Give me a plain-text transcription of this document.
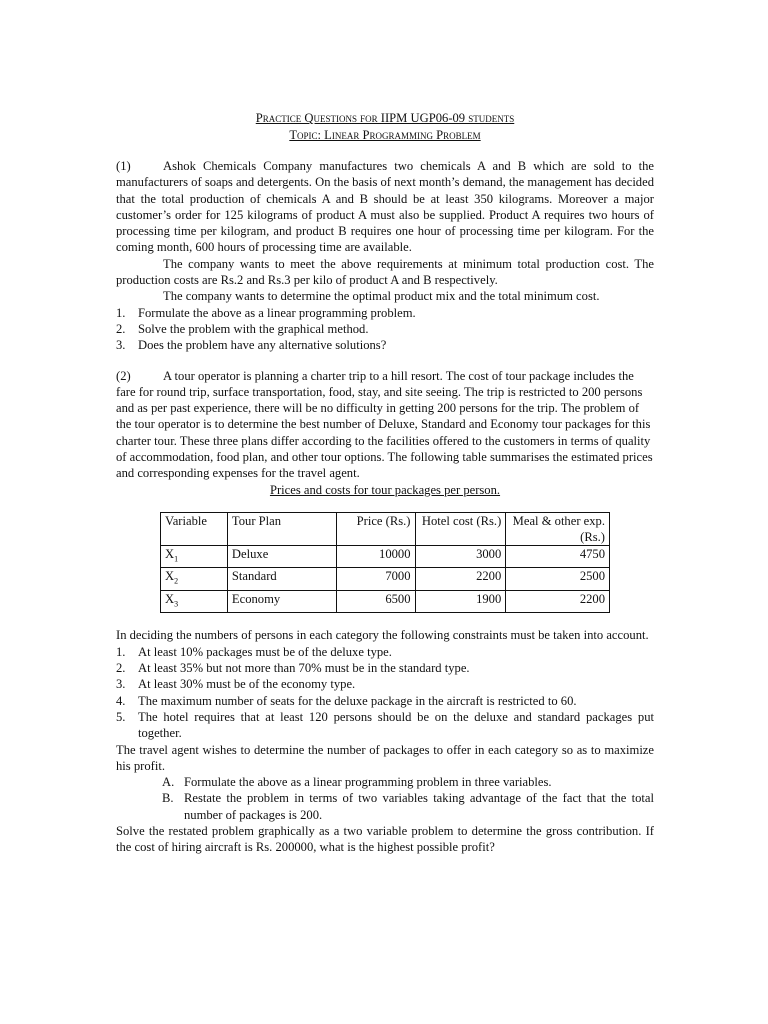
Practice Questions for IIPM UGP06-09 students
Topic: Linear Programming Problem
(1)	Ashok Chemicals Company manufactures two chemicals A and B which are sold to the manufacturers of soaps and detergents. On the basis of next month’s demand, the management has decided that the total production of chemicals A and B should be at least 350 kilograms. Moreover a major customer’s order for 125 kilograms of product A must also be supplied. Product A requires two hours of processing time per kilogram, and product B requires one hour of processing time per kilogram. For the coming month, 600 hours of processing time are available.
The company wants to meet the above requirements at minimum total production cost. The production costs are Rs.2 and Rs.3 per kilo of product A and B respectively.
The company wants to determine the optimal product mix and the total minimum cost.
1. Formulate the above as a linear programming problem.
2. Solve the problem with the graphical method.
3. Does the problem have any alternative solutions?
(2)	A tour operator is planning a charter trip to a hill resort. The cost of tour package includes the fare for round trip, surface transportation, food, stay, and site seeing. The trip is restricted to 200 persons and as per past experience, there will be no difficulty in getting 200 persons for the trip. The problem of the tour operator is to determine the best number of Deluxe, Standard and Economy tour packages for this charter tour. These three plans differ according to the facilities offered to the customers in terms of quality of accommodation, food plan, and other tour options. The following table summarises the estimated prices and corresponding expenses for the travel agent.
Prices and costs for tour packages per person.
Variable	Tour Plan	Price (Rs.)	Hotel cost (Rs.)	Meal & other exp. (Rs.)
$X_1$	Deluxe	10000	3000	4750
$X_2$	Standard	7000	2200	2500
$X_3$	Economy	6500	1900	2200
In deciding the numbers of persons in each category the following constraints must be taken into account.
1. At least 10% packages must be of the deluxe type.
2. At least 35% but not more than 70% must be in the standard type.
3. At least 30% must be of the economy type.
4. The maximum number of seats for the deluxe package in the aircraft is restricted to 60.
5. The hotel requires that at least 120 persons should be on the deluxe and standard packages put together.
The travel agent wishes to determine the number of packages to offer in each category so as to maximize his profit.
A. Formulate the above as a linear programming problem in three variables.
B. Restate the problem in terms of two variables taking advantage of the fact that the total number of packages is 200.
Solve the restated problem graphically as a two variable problem to determine the gross contribution. If the cost of hiring aircraft is Rs. 200000, what is the highest possible profit?
